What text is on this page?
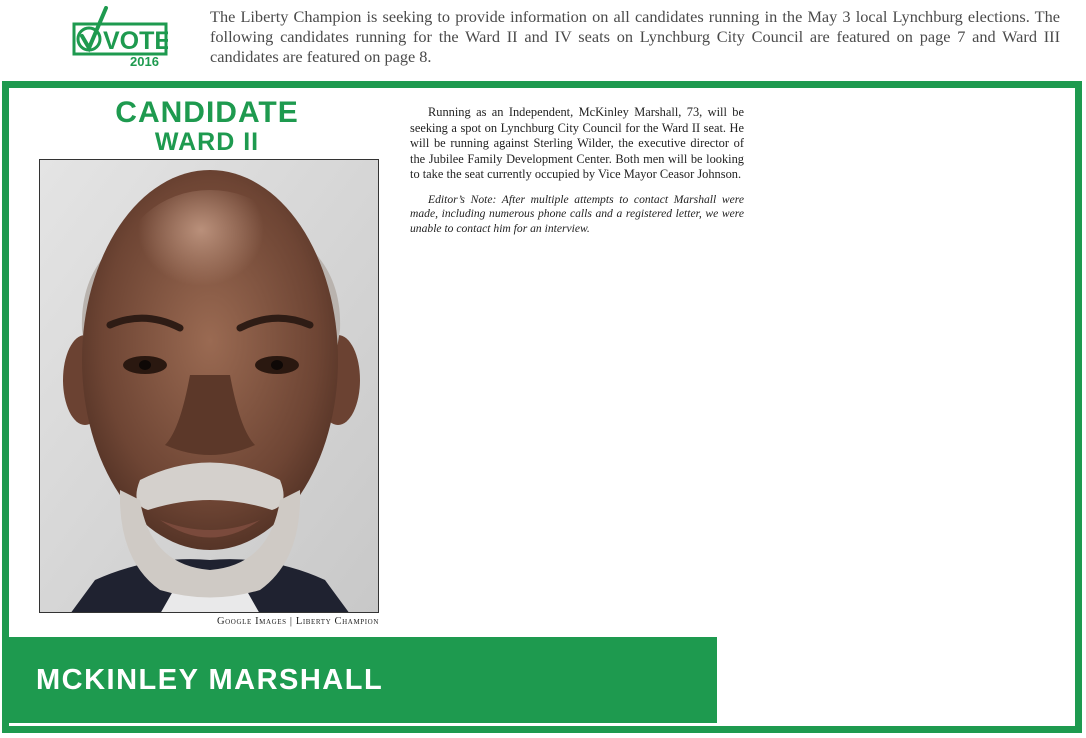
VOTE
2016

The Liberty Champion is seeking to provide information on all candidates running in the May 3 local Lynchburg elections. The following candidates running for the Ward II and IV seats on Lynchburg City Council are featured on page 7 and Ward III candidates are featured on page 8.

CANDIDATE
WARD II

Google Images | Liberty Champion

Running as an Independent, McKinley Marshall, 73, will be seeking a spot on Lynchburg City Council for the Ward II seat. He will be running against Sterling Wilder, the executive director of the Jubilee Family Development Center. Both men will be looking to take the seat currently occupied by Vice Mayor Ceasor Johnson.

Editor’s Note: After multiple attempts to contact Marshall were made, including numerous phone calls and a registered letter, we were unable to contact him for an interview.

MCKINLEY MARSHALL
